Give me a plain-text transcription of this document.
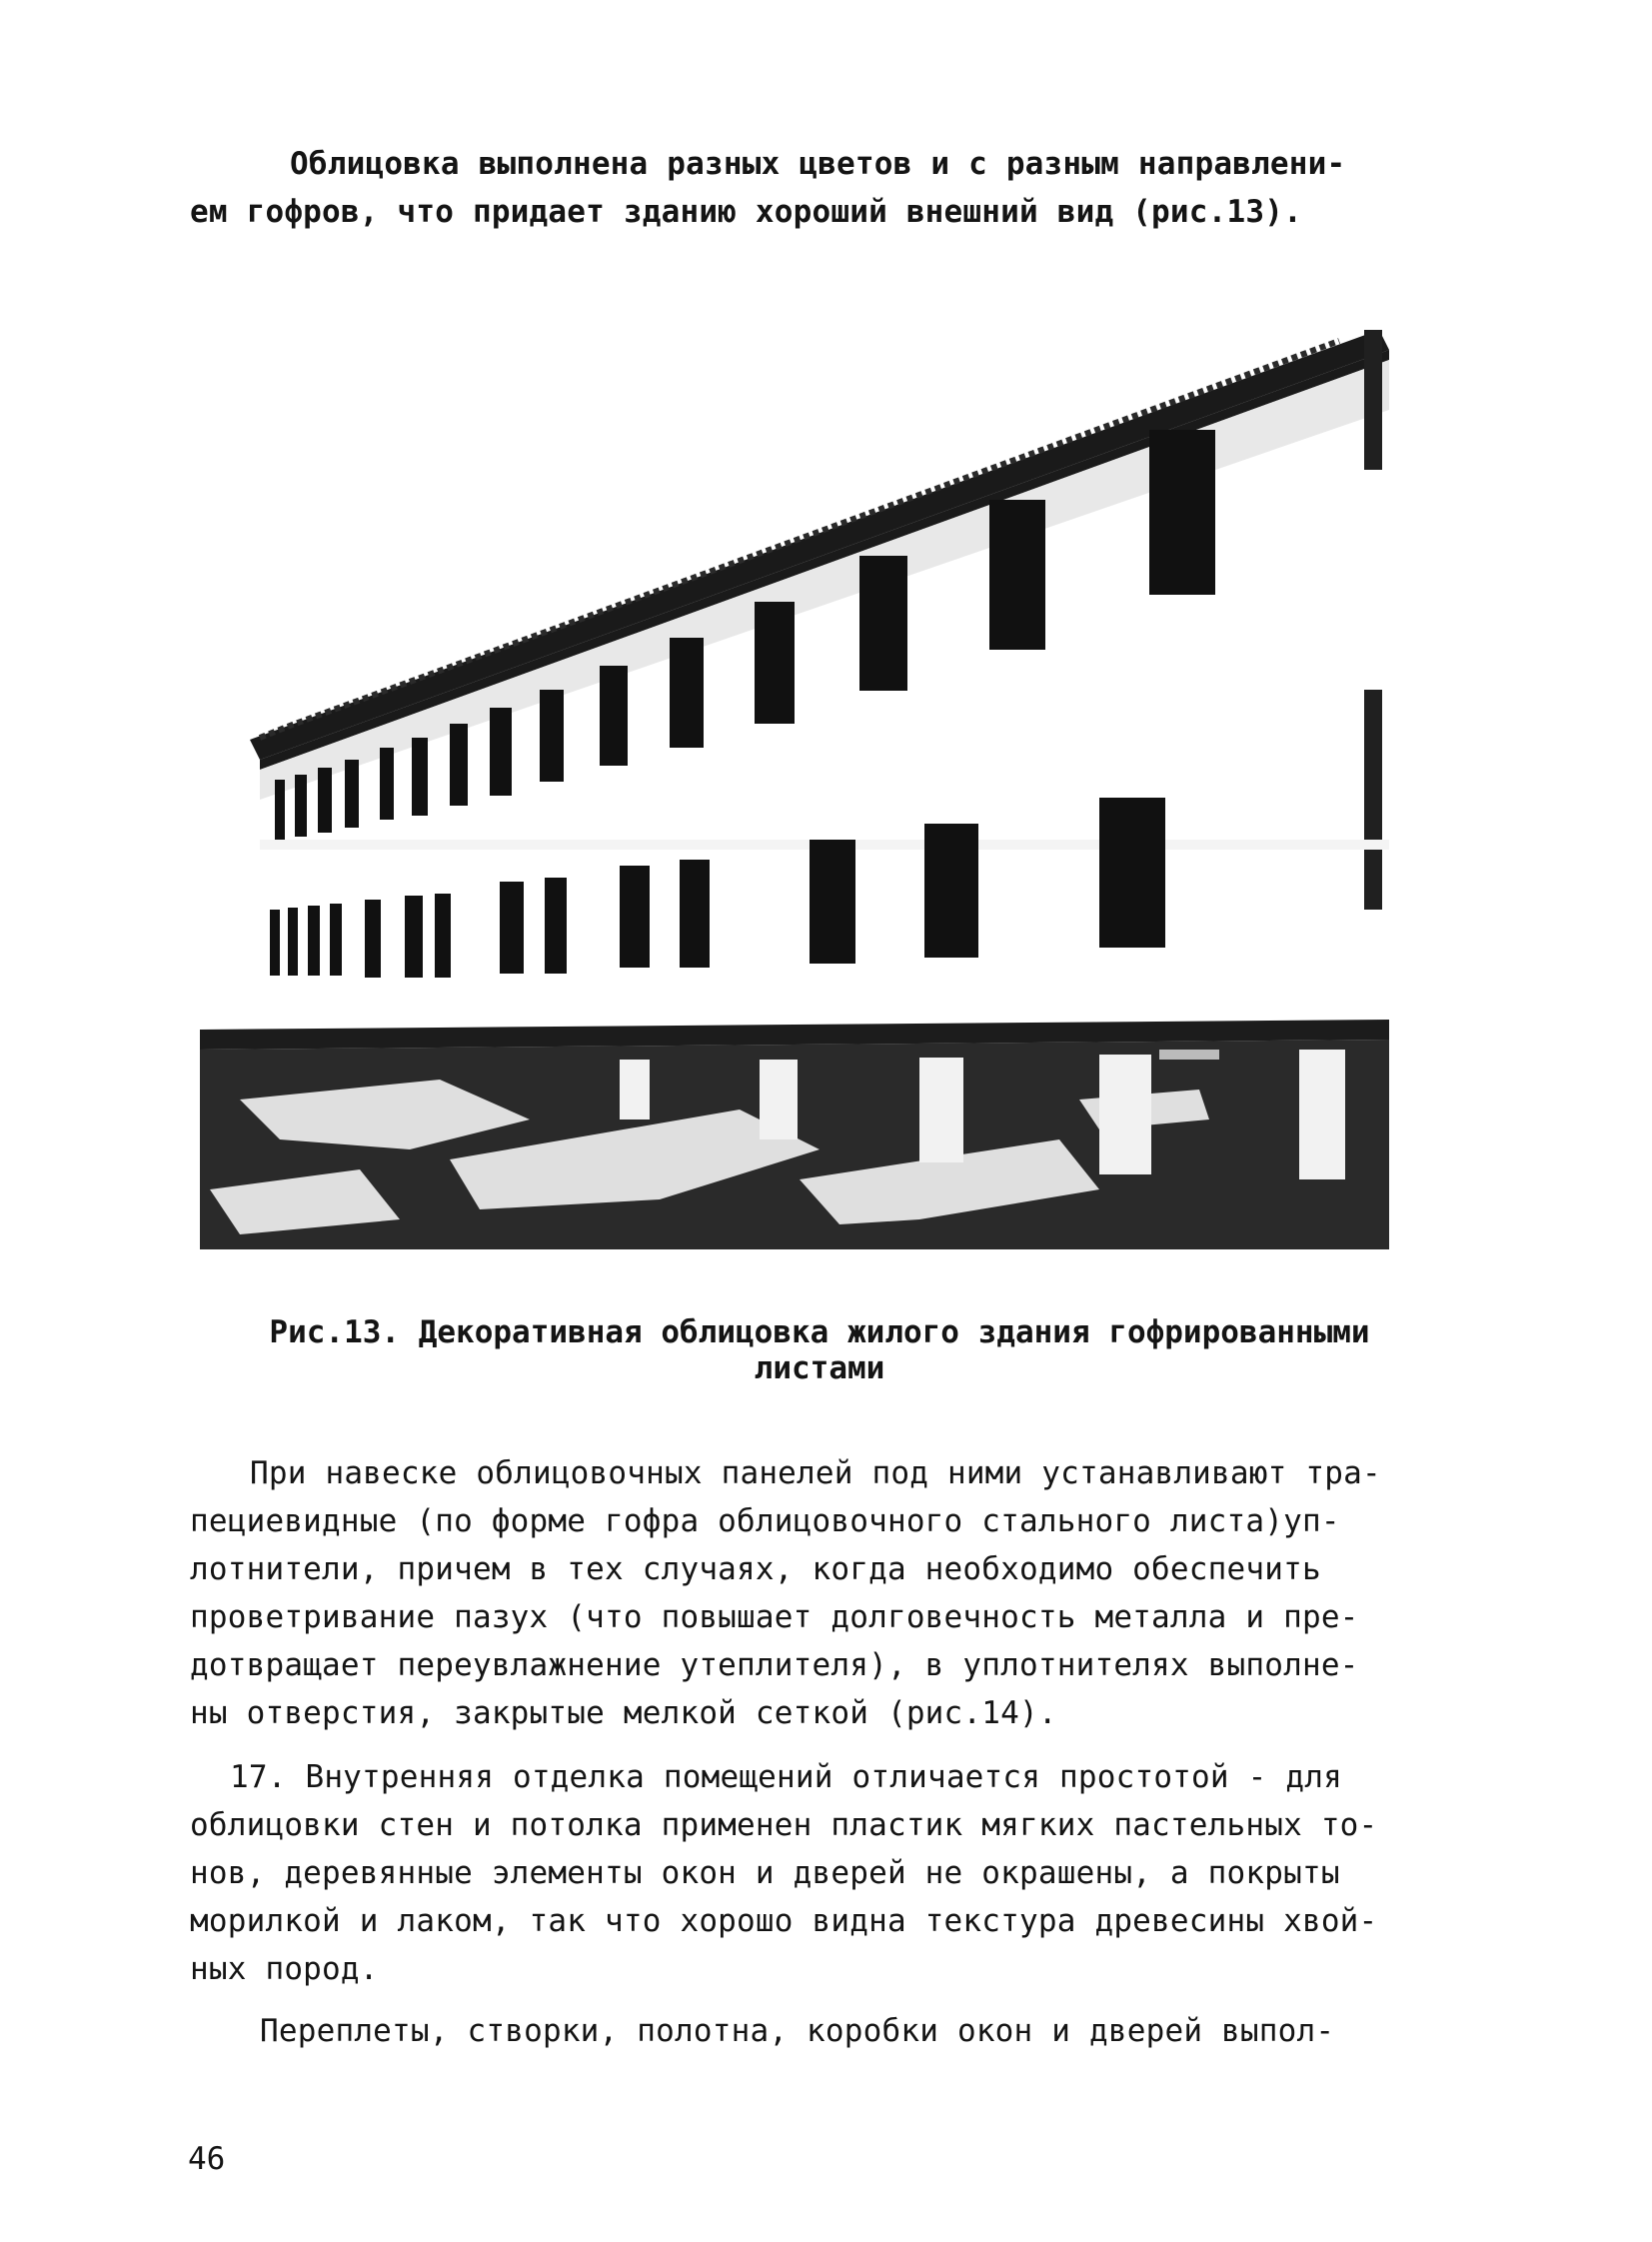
Облицовка выполнена разных цветов и с разным направлени-
ем гофров, что придает зданию хороший внешний вид (рис.13).
Рис.13. Декоративная облицовка жилого здания гофрированными
листами
При навеске облицовочных панелей под ними устанавливают тра-
пециевидные (по форме гофра облицовочного стального листа)уп-
лотнители, причем в тех случаях, когда необходимо обеспечить
проветривание пазух (что повышает долговечность металла и пре-
дотвращает переувлажнение утеплителя), в уплотнителях выполне-
ны отверстия, закрытые мелкой сеткой (рис.14).
17. Внутренняя отделка помещений отличается простотой - для
облицовки стен и потолка применен пластик мягких пастельных то-
нов, деревянные элементы окон и дверей не окрашены, а покрыты
морилкой и лаком, так что хорошо видна текстура древесины хвой-
ных пород.
Переплеты, створки, полотна, коробки окон и дверей выпол-
46
